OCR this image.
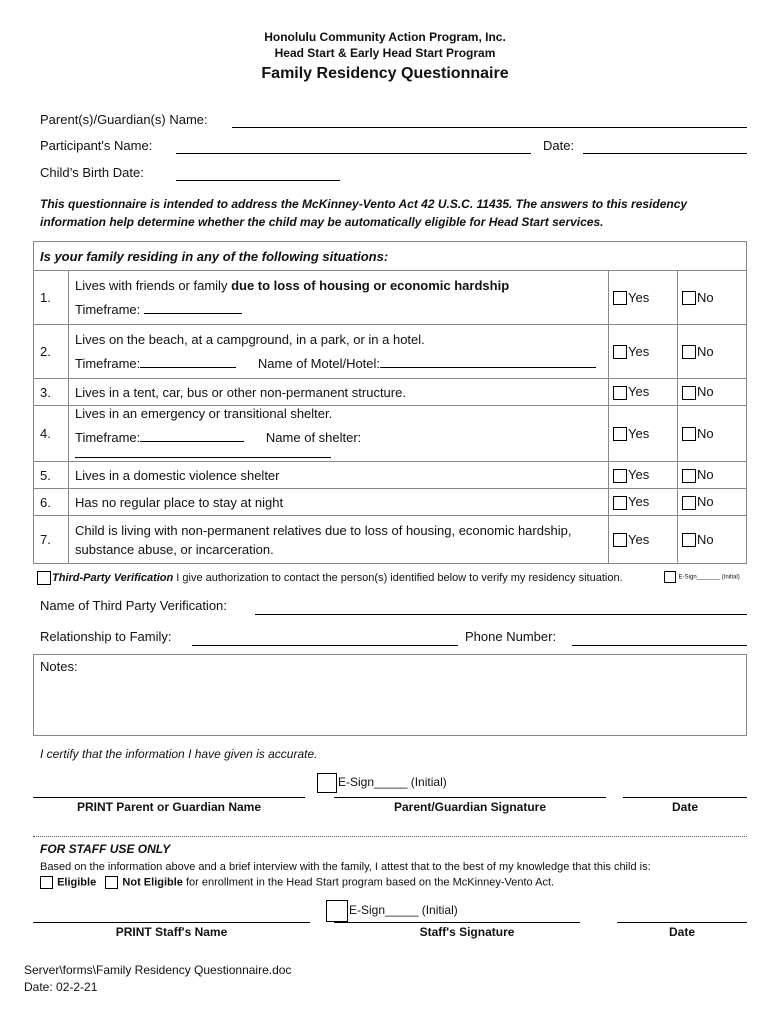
Honolulu Community Action Program, Inc.
Head Start & Early Head Start Program
Family Residency Questionnaire
Parent(s)/Guardian(s) Name:
Participant's Name:	Date:
Child’s Birth Date:
This questionnaire is intended to address the McKinney-Vento Act 42 U.S.C. 11435. The answers to this residency information help determine whether the child may be automatically eligible for Head Start services.
Is your family residing in any of the following situations:			
1.	Lives with friends or family due to loss of housing or economic hardship
Timeframe:	Yes	No
2.	Lives on the beach, at a campground, in a park, or in a hotel.
Timeframe: Name of Motel/Hotel:	Yes	No
3.	Lives in a tent, car, bus or other non-permanent structure.	Yes	No
4.	Lives in an emergency or transitional shelter.
Timeframe: Name of shelter:	Yes	No
5.	Lives in a domestic violence shelter	Yes	No
6.	Has no regular place to stay at night	Yes	No
7.	Child is living with non-permanent relatives due to loss of housing, economic hardship, substance abuse, or incarceration.	Yes	No
Third-Party Verification I give authorization to contact the person(s) identified below to verify my residency situation.	E-Sign_______ (Initial)
Name of Third Party Verification:
Relationship to Family:	Phone Number:
Notes:
I certify that the information I have given is accurate.
E-Sign_____ (Initial)
PRINT Parent or Guardian Name	Parent/Guardian Signature	Date
FOR STAFF USE ONLY
Based on the information above and a brief interview with the family, I attest that to the best of my knowledge that this child is:
Eligible Not Eligible for enrollment in the Head Start program based on the McKinney-Vento Act.
E-Sign_____ (Initial)
PRINT Staff's Name	Staff's Signature	Date
Server\forms\Family Residency Questionnaire.doc
Date: 02-2-21
